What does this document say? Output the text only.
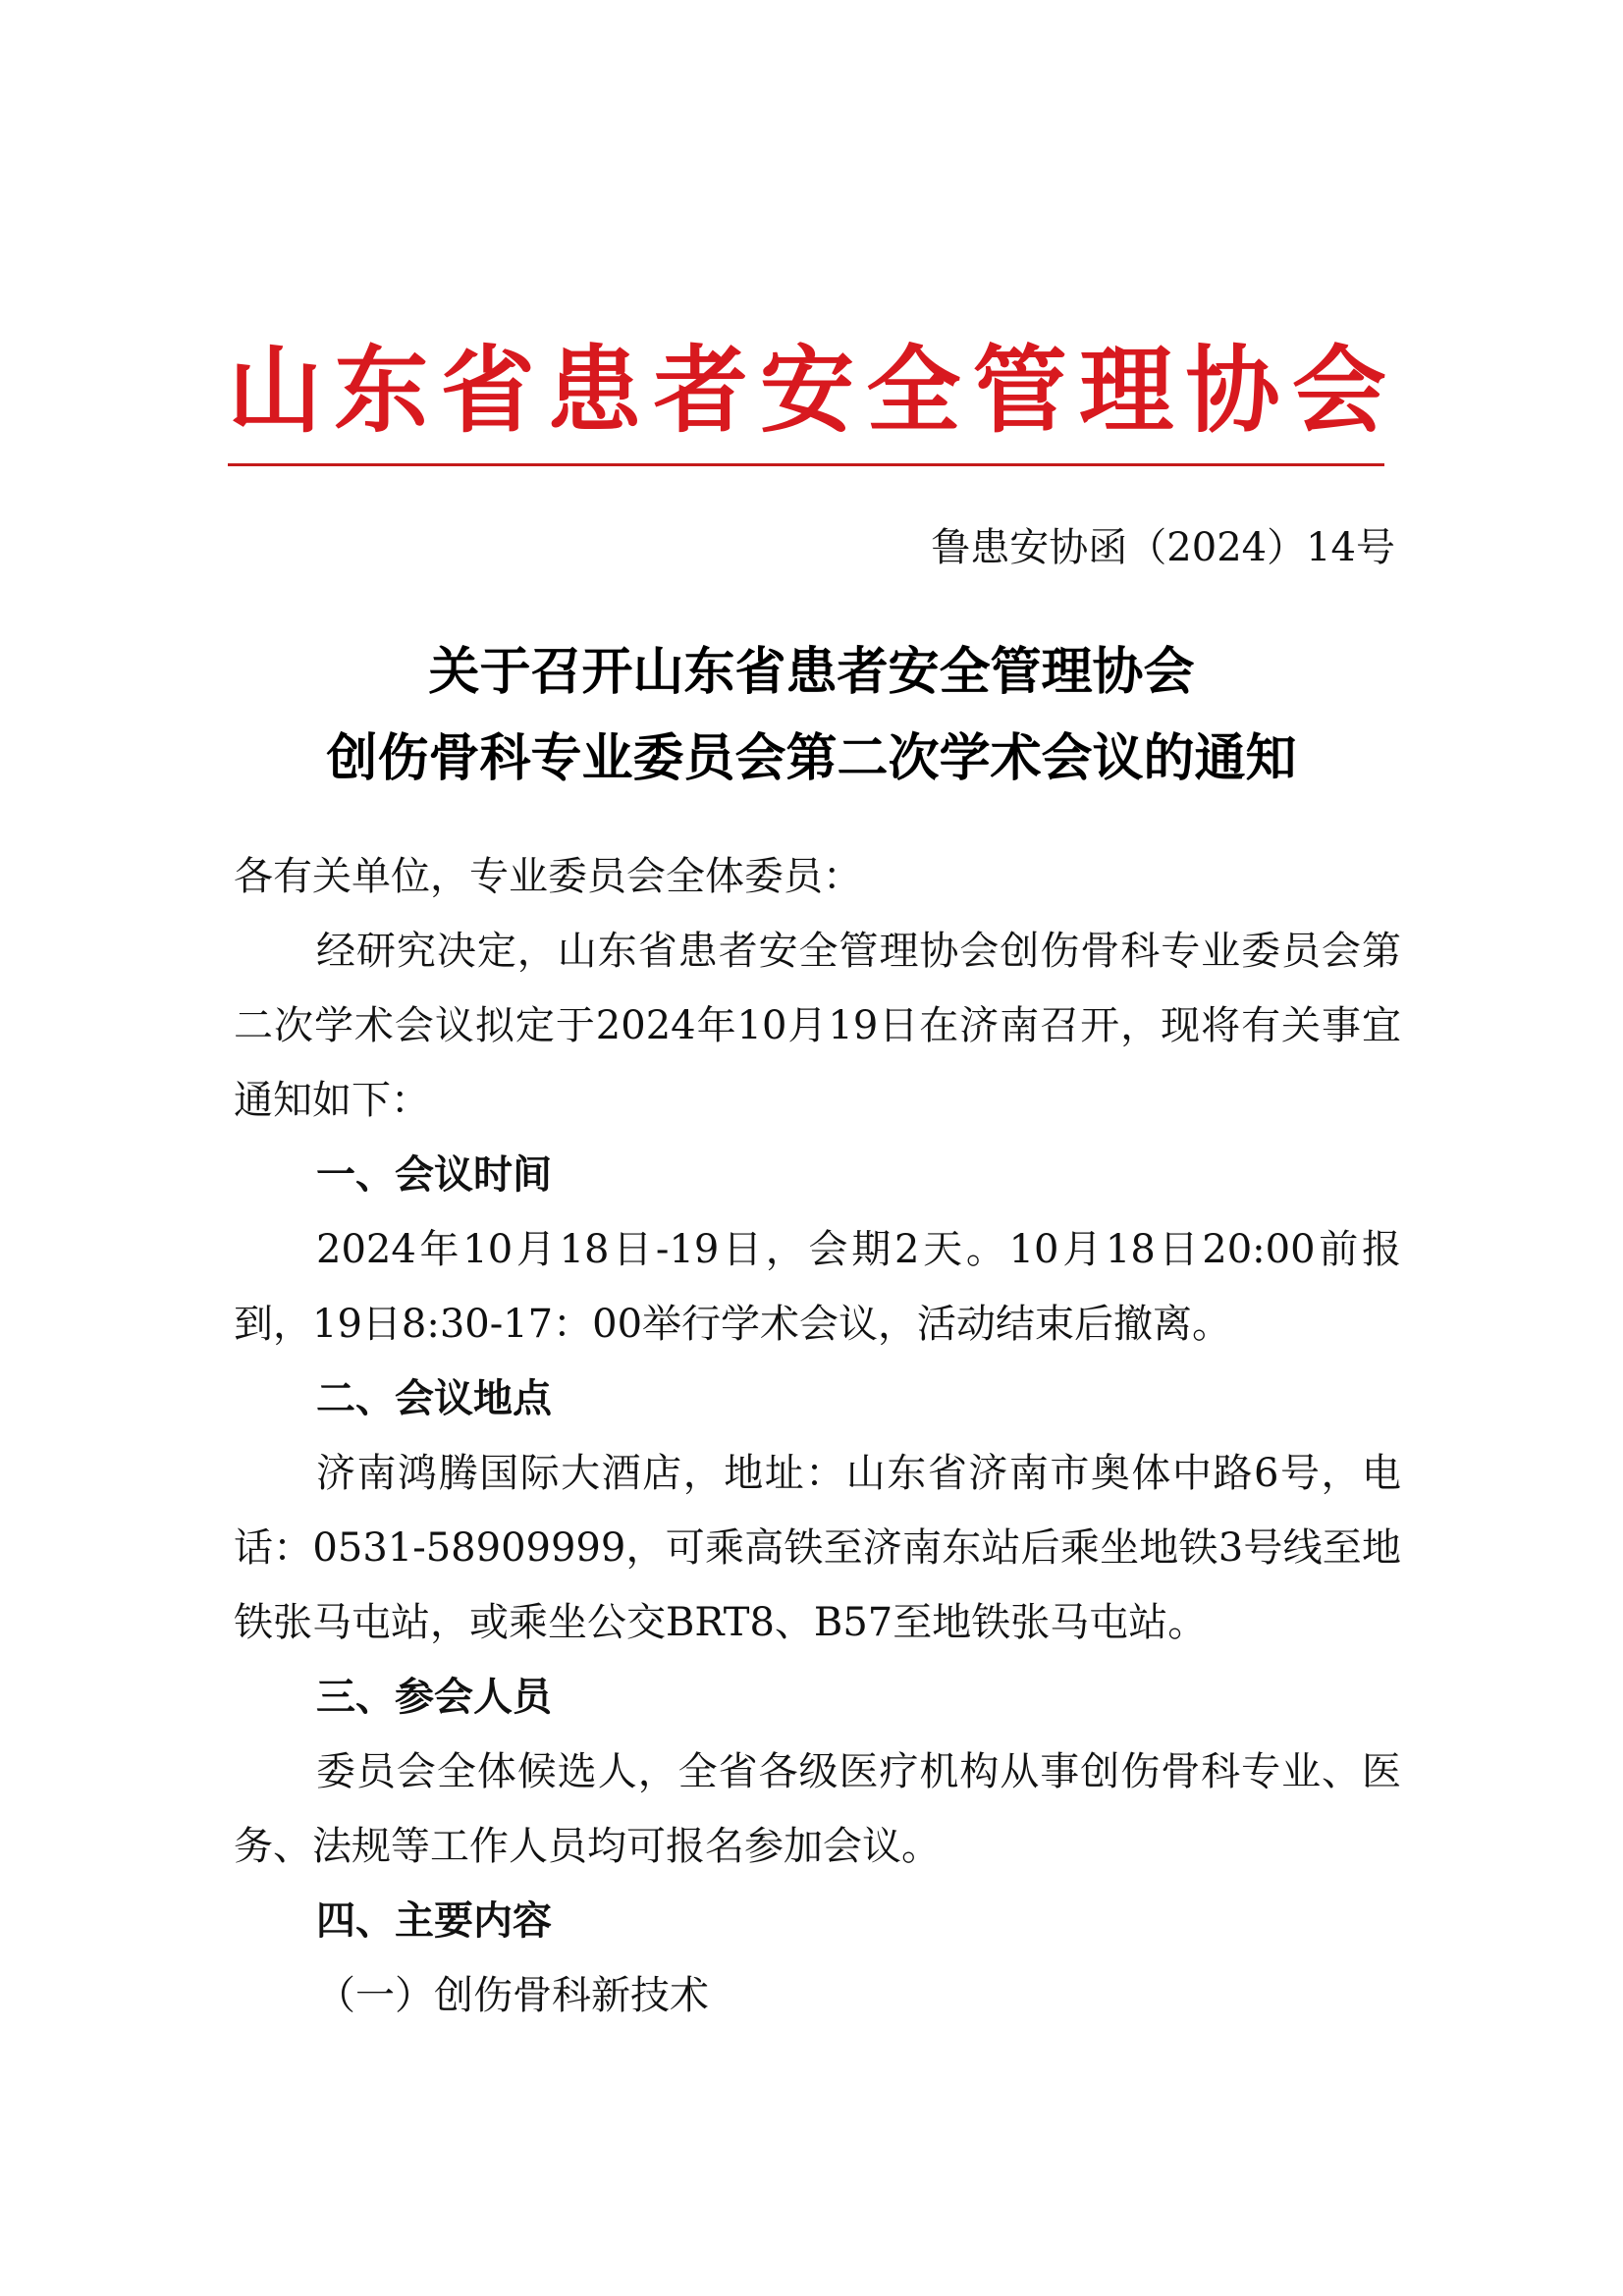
山 东 省 患 者 安 全 管 理 协 会
鲁患安协函（2024）14号
关于召开山东省患者安全管理协会
创伤骨科专业委员会第二次学术会议的通知

各有关单位，专业委员会全体委员：

经研究决定，山东省患者安全管理协会创伤骨科专业委员会第二次学术会议拟定于2024年10月19日在济南召开，现将有关事宜通知如下：

一、会议时间

2024年10月18日-19日，会期2天。10月18日20:00前报到，19日8:30-17：00举行学术会议，活动结束后撤离。

二、会议地点

济南鸿腾国际大酒店，地址：山东省济南市奥体中路6号，电话：0531-58909999，可乘高铁至济南东站后乘坐地铁3号线至地铁张马屯站，或乘坐公交BRT8、B57至地铁张马屯站。

三、参会人员

委员会全体候选人，全省各级医疗机构从事创伤骨科专业、医务、法规等工作人员均可报名参加会议。

四、主要内容

（一）创伤骨科新技术
